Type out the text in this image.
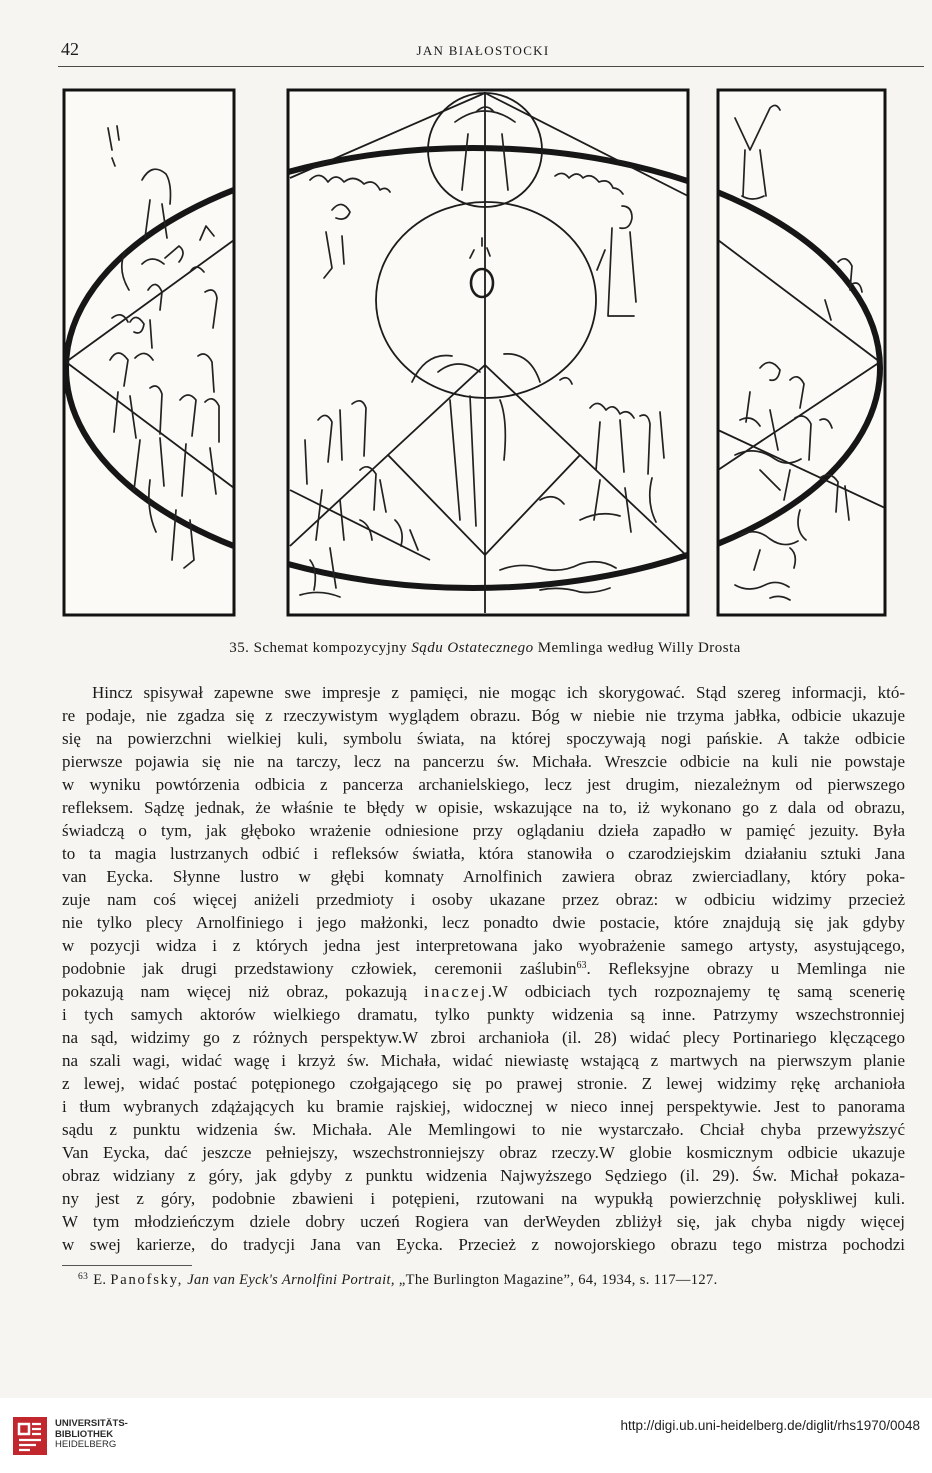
42	JAN BIAŁOSTOCKI
35. Schemat kompozycyjny Sądu Ostatecznego Memlinga według Willy Drosta
Hincz spisywał zapewne swe impresje z pamięci, nie mogąc ich skorygować. Stąd szereg informacji, któ-
re podaje, nie zgadza się z rzeczywistym wyglądem obrazu. Bóg w niebie nie trzyma jabłka, odbicie ukazuje
się na powierzchni wielkiej kuli, symbolu świata, na której spoczywają nogi pańskie. A także odbicie
pierwsze pojawia się nie na tarczy, lecz na pancerzu św. Michała. Wreszcie odbicie na kuli nie powstaje
w wyniku powtórzenia odbicia z pancerza archanielskiego, lecz jest drugim, niezależnym od pierwszego
refleksem. Sądzę jednak, że właśnie te błędy w opisie, wskazujące na to, iż wykonano go z dala od obrazu,
świadczą o tym, jak głęboko wrażenie odniesione przy oglądaniu dzieła zapadło w pamięć jezuity. Była
to ta magia lustrzanych odbić i refleksów światła, która stanowiła o czarodziejskim działaniu sztuki Jana
van Eycka. Słynne lustro w głębi komnaty Arnolfinich zawiera obraz zwierciadlany, który poka-
zuje nam coś więcej aniżeli przedmioty i osoby ukazane przez obraz: w odbiciu widzimy przecież
nie tylko plecy Arnolfiniego i jego małżonki, lecz ponadto dwie postacie, które znajdują się jak gdyby
w pozycji widza i z których jedna jest interpretowana jako wyobrażenie samego artysty, asystującego,
podobnie jak drugi przedstawiony człowiek, ceremonii zaślubin$^{63}$. Refleksyjne obrazy u Memlinga nie
pokazują nam więcej niż obraz, pokazują inaczej.W odbiciach tych rozpoznajemy tę samą scenerię
i tych samych aktorów wielkiego dramatu, tylko punkty widzenia są inne. Patrzymy wszechstronniej
na sąd, widzimy go z różnych perspektyw.W zbroi archanioła (il. 28) widać plecy Portinariego klęczącego
na szali wagi, widać wagę i krzyż św. Michała, widać niewiastę wstającą z martwych na pierwszym planie
z lewej, widać postać potępionego czołgającego się po prawej stronie. Z lewej widzimy rękę archanioła
i tłum wybranych zdążających ku bramie rajskiej, widocznej w nieco innej perspektywie. Jest to panorama
sądu z punktu widzenia św. Michała. Ale Memlingowi to nie wystarczało. Chciał chyba przewyższyć
Van Eycka, dać jeszcze pełniejszy, wszechstronniejszy obraz rzeczy.W globie kosmicznym odbicie ukazuje
obraz widziany z góry, jak gdyby z punktu widzenia Najwyższego Sędziego (il. 29). Św. Michał pokaza-
ny jest z góry, podobnie zbawieni i potępieni, rzutowani na wypukłą powierzchnię połyskliwej kuli.
W tym młodzieńczym dziele dobry uczeń Rogiera van derWeyden zbliżył się, jak chyba nigdy więcej
w swej karierze, do tradycji Jana van Eycka. Przecież z nowojorskiego obrazu tego mistrza pochodzi
$^{63}$ E. Panofsky, Jan van Eyck's Arnolfini Portrait, „The Burlington Magazine”, 64, 1934, s. 117—127.
UNIVERSITÄTS-
BIBLIOTHEK
HEIDELBERG
http://digi.ub.uni-heidelberg.de/diglit/rhs1970/0048
